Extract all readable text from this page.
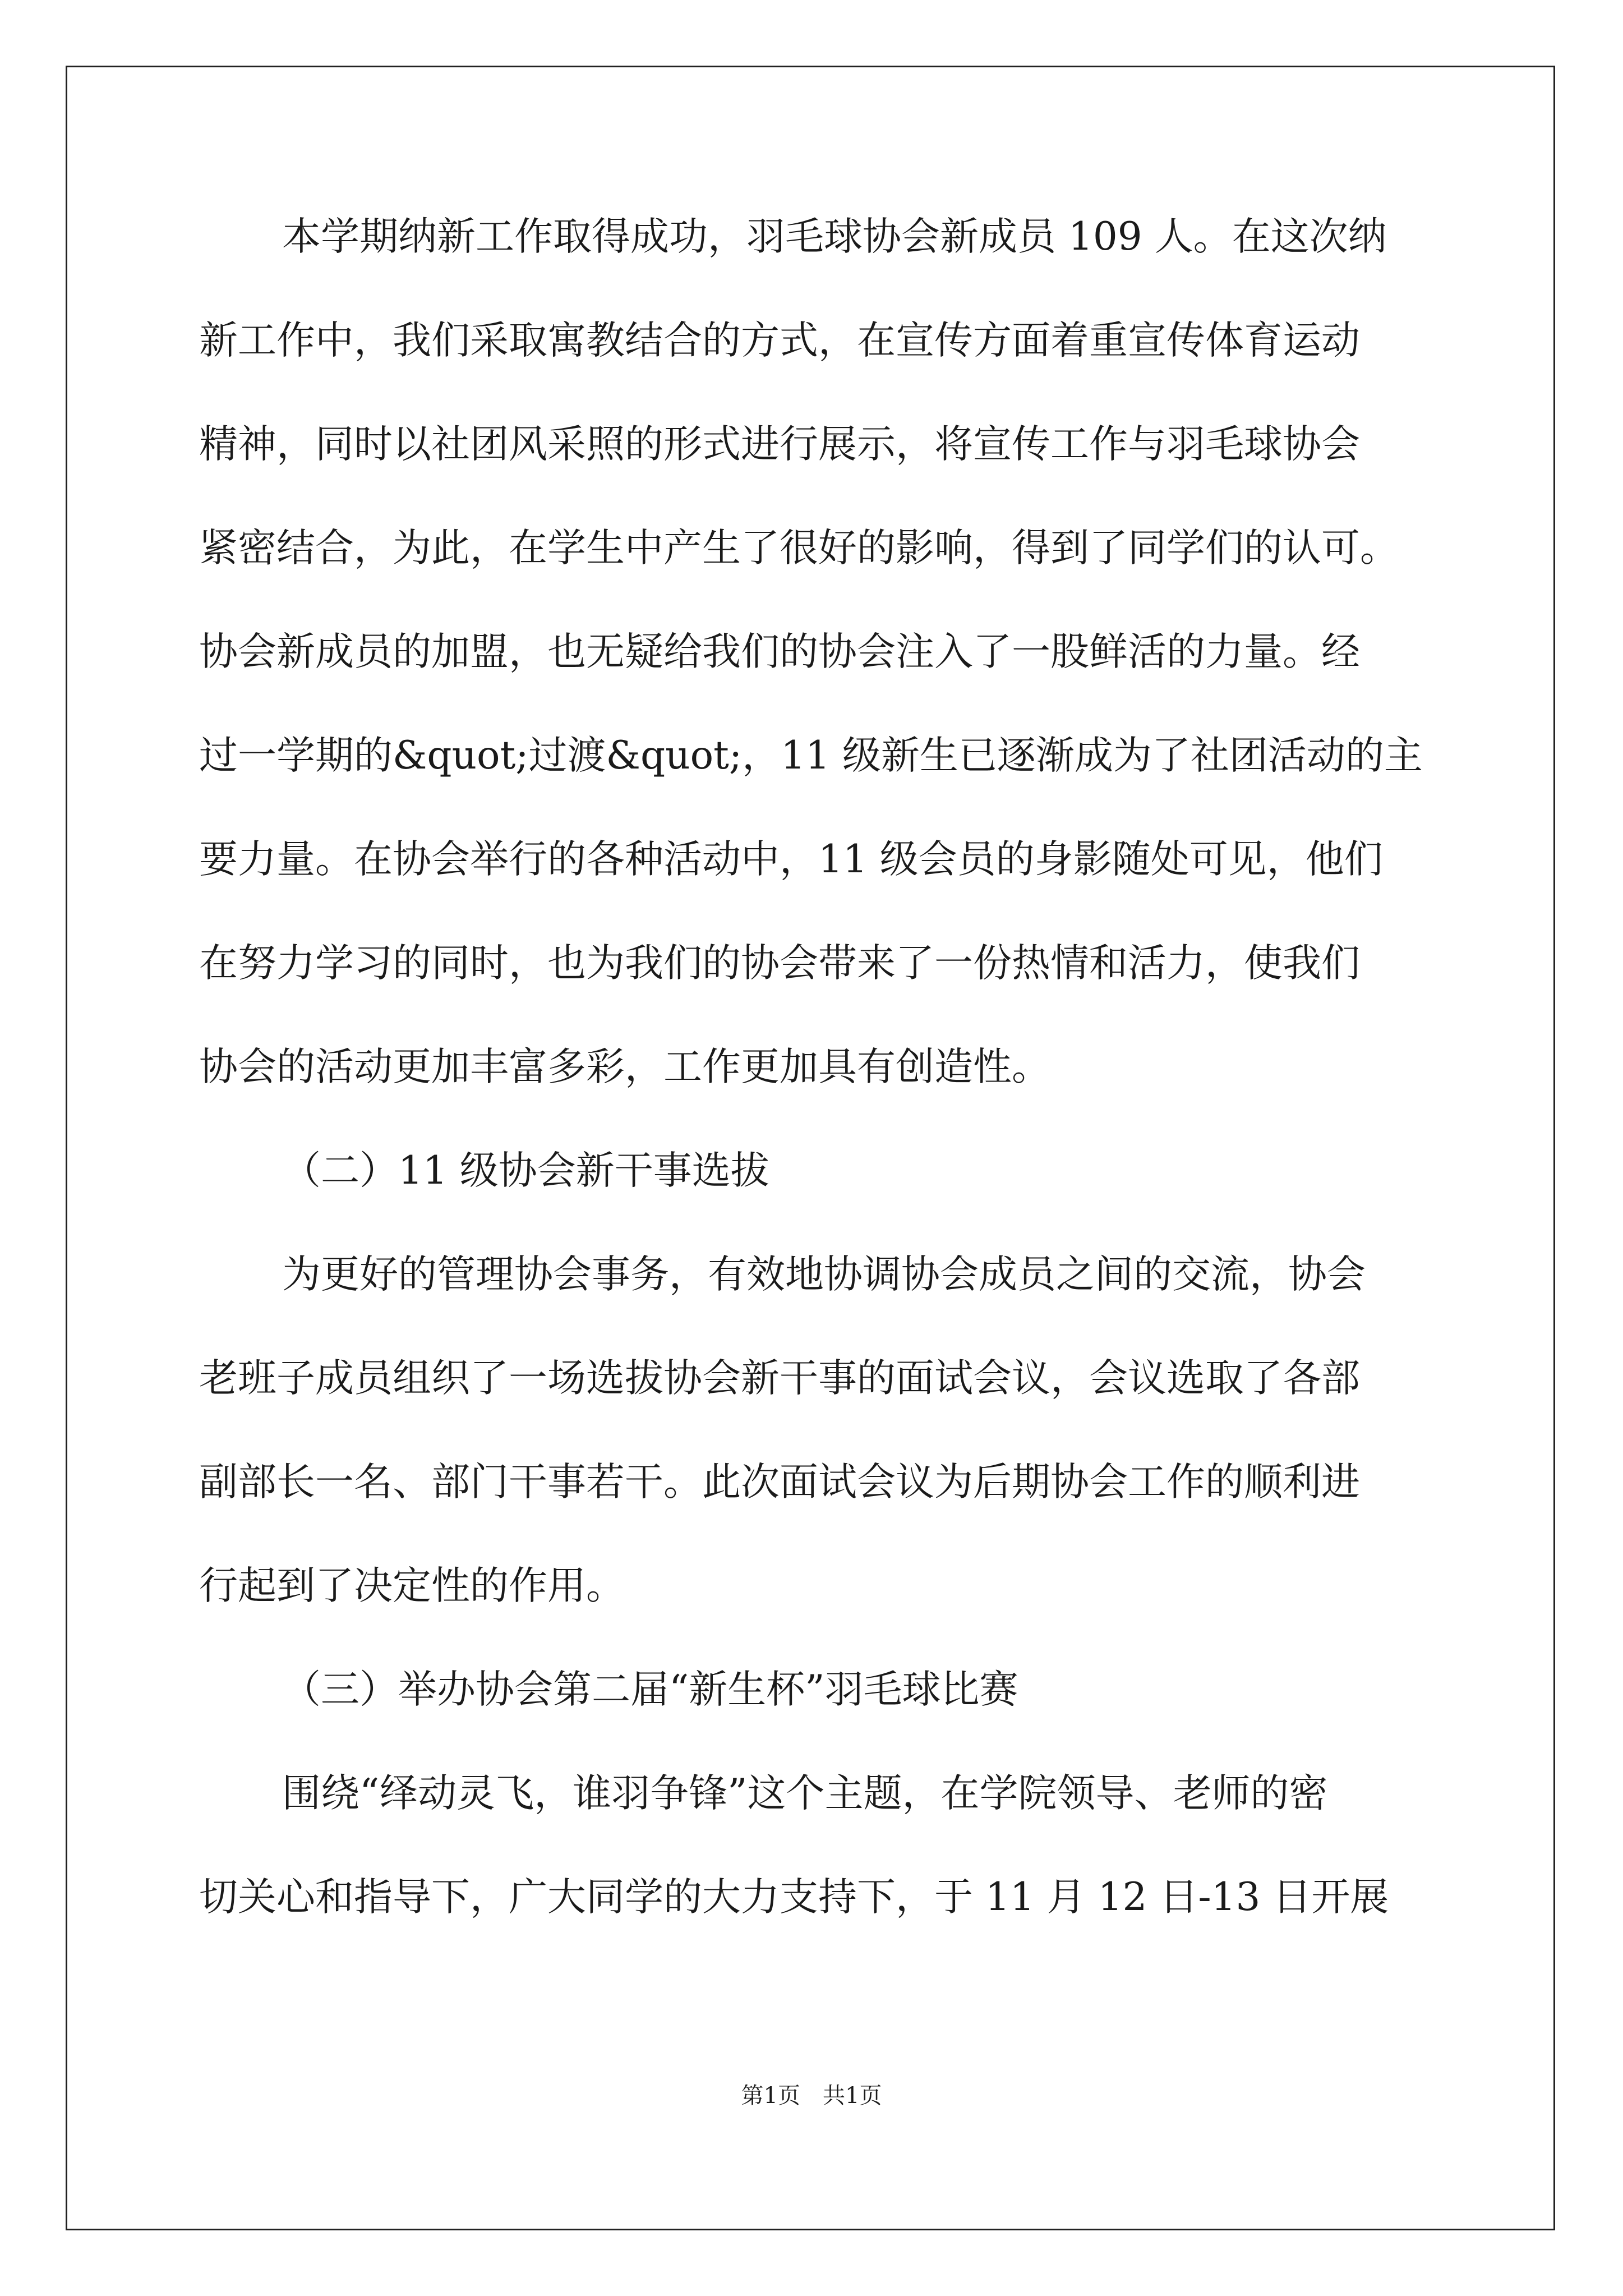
本学期纳新工作取得成功，羽毛球协会新成员 109 人。在这次纳
新工作中，我们采取寓教结合的方式，在宣传方面着重宣传体育运动
精神，同时以社团风采照的形式进行展示，将宣传工作与羽毛球协会
紧密结合，为此，在学生中产生了很好的影响，得到了同学们的认可。
协会新成员的加盟，也无疑给我们的协会注入了一股鲜活的力量。经
过一学期的&quot;过渡&quot;，11 级新生已逐渐成为了社团活动的主
要力量。在协会举行的各种活动中，11 级会员的身影随处可见，他们
在努力学习的同时，也为我们的协会带来了一份热情和活力，使我们
协会的活动更加丰富多彩，工作更加具有创造性。
（二）11 级协会新干事选拔
为更好的管理协会事务，有效地协调协会成员之间的交流，协会
老班子成员组织了一场选拔协会新干事的面试会议，会议选取了各部
副部长一名、部门干事若干。此次面试会议为后期协会工作的顺利进
行起到了决定性的作用。
（三）举办协会第二届“新生杯”羽毛球比赛
围绕“绎动灵飞，谁羽争锋”这个主题，在学院领导、老师的密
切关心和指导下，广大同学的大力支持下，于 11 月 12 日-13 日开展
第1页　共1页
